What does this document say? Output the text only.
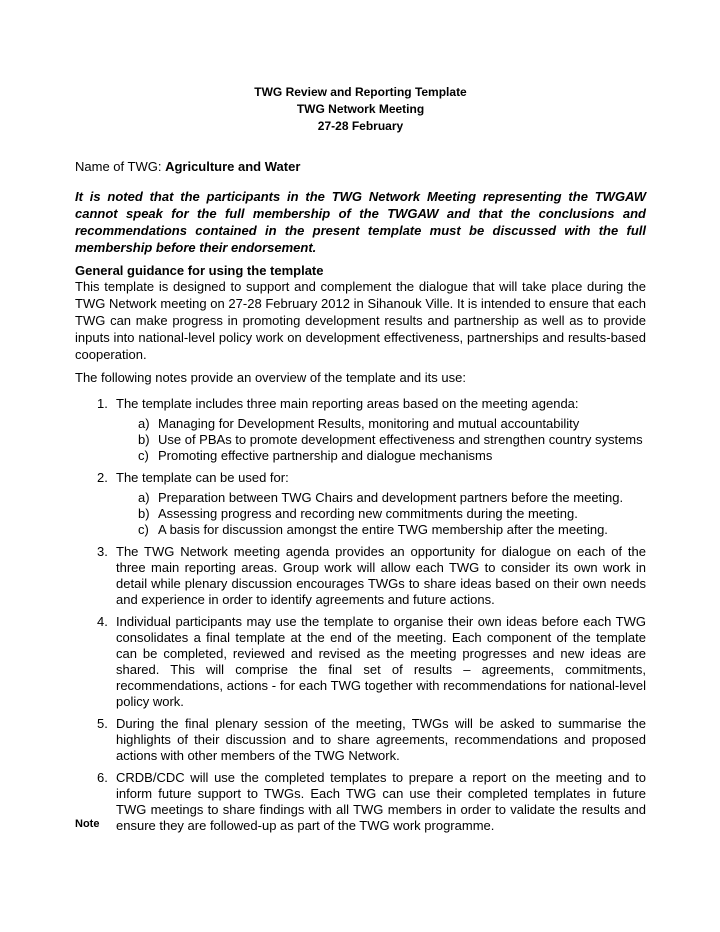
TWG Review and Reporting Template
TWG Network Meeting
27-28 February
Name of TWG: Agriculture and Water
It is noted that the participants in the TWG Network Meeting representing the TWGAW cannot speak for the full membership of the TWGAW and that the conclusions and recommendations contained in the present template must be discussed with the full membership before their endorsement.
General guidance for using the template
This template is designed to support and complement the dialogue that will take place during the TWG Network meeting on 27-28 February 2012 in Sihanouk Ville. It is intended to ensure that each TWG can make progress in promoting development results and partnership as well as to provide inputs into national-level policy work on development effectiveness, partnerships and results-based cooperation.
The following notes provide an overview of the template and its use:
1. The template includes three main reporting areas based on the meeting agenda:
a) Managing for Development Results, monitoring and mutual accountability
b) Use of PBAs to promote development effectiveness and strengthen country systems
c) Promoting effective partnership and dialogue mechanisms
2. The template can be used for:
a) Preparation between TWG Chairs and development partners before the meeting.
b) Assessing progress and recording new commitments during the meeting.
c) A basis for discussion amongst the entire TWG membership after the meeting.
3. The TWG Network meeting agenda provides an opportunity for dialogue on each of the three main reporting areas. Group work will allow each TWG to consider its own work in detail while plenary discussion encourages TWGs to share ideas based on their own needs and experience in order to identify agreements and future actions.
4. Individual participants may use the template to organise their own ideas before each TWG consolidates a final template at the end of the meeting. Each component of the template can be completed, reviewed and revised as the meeting progresses and new ideas are shared. This will comprise the final set of results – agreements, commitments, recommendations, actions - for each TWG together with recommendations for national-level policy work.
5. During the final plenary session of the meeting, TWGs will be asked to summarise the highlights of their discussion and to share agreements, recommendations and proposed actions with other members of the TWG Network.
6. CRDB/CDC will use the completed templates to prepare a report on the meeting and to inform future support to TWGs. Each TWG can use their completed templates in future TWG meetings to share findings with all TWG members in order to validate the results and ensure they are followed-up as part of the TWG work programme.
Note
